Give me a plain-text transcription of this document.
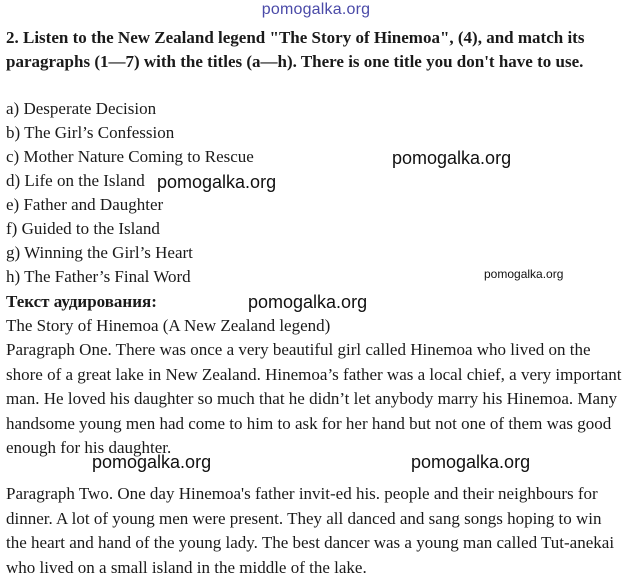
pomogalka.org
2. Listen to the New Zealand legend "The Story of Hinemoa", (4), and match its paragraphs (1—7) with the titles (a—h). There is one title you don't have to use.
a) Desperate Decision
b) The Girl’s Confession
c) Mother Nature Coming to Rescue
d) Life on the Island
e) Father and Daughter
f) Guided to the Island
g) Winning the Girl’s Heart
h) The Father’s Final Word
Текст аудирования:
The Story of Hinemoa (A New Zealand legend)
Paragraph One. There was once a very beautiful girl called Hinemoa who lived on the shore of a great lake in New Zealand. Hinemoa’s father was a local chief, a very important man. He loved his daughter so much that he didn’t let anybody marry his Hinemoa. Many handsome young men had come to him to ask for her hand but not one of them was good enough for his daughter.
Paragraph Two. One day Hinemoa's father invit-ed his. people and their neighbours for dinner. A lot of young men were present. They all danced and sang songs hoping to win the heart and hand of the young lady. The best dancer was a young man called Tut-anekai who lived on a small island in the middle of the lake.
pomogalka.org
pomogalka.org
pomogalka.org
pomogalka.org
pomogalka.org	pomogalka.org
